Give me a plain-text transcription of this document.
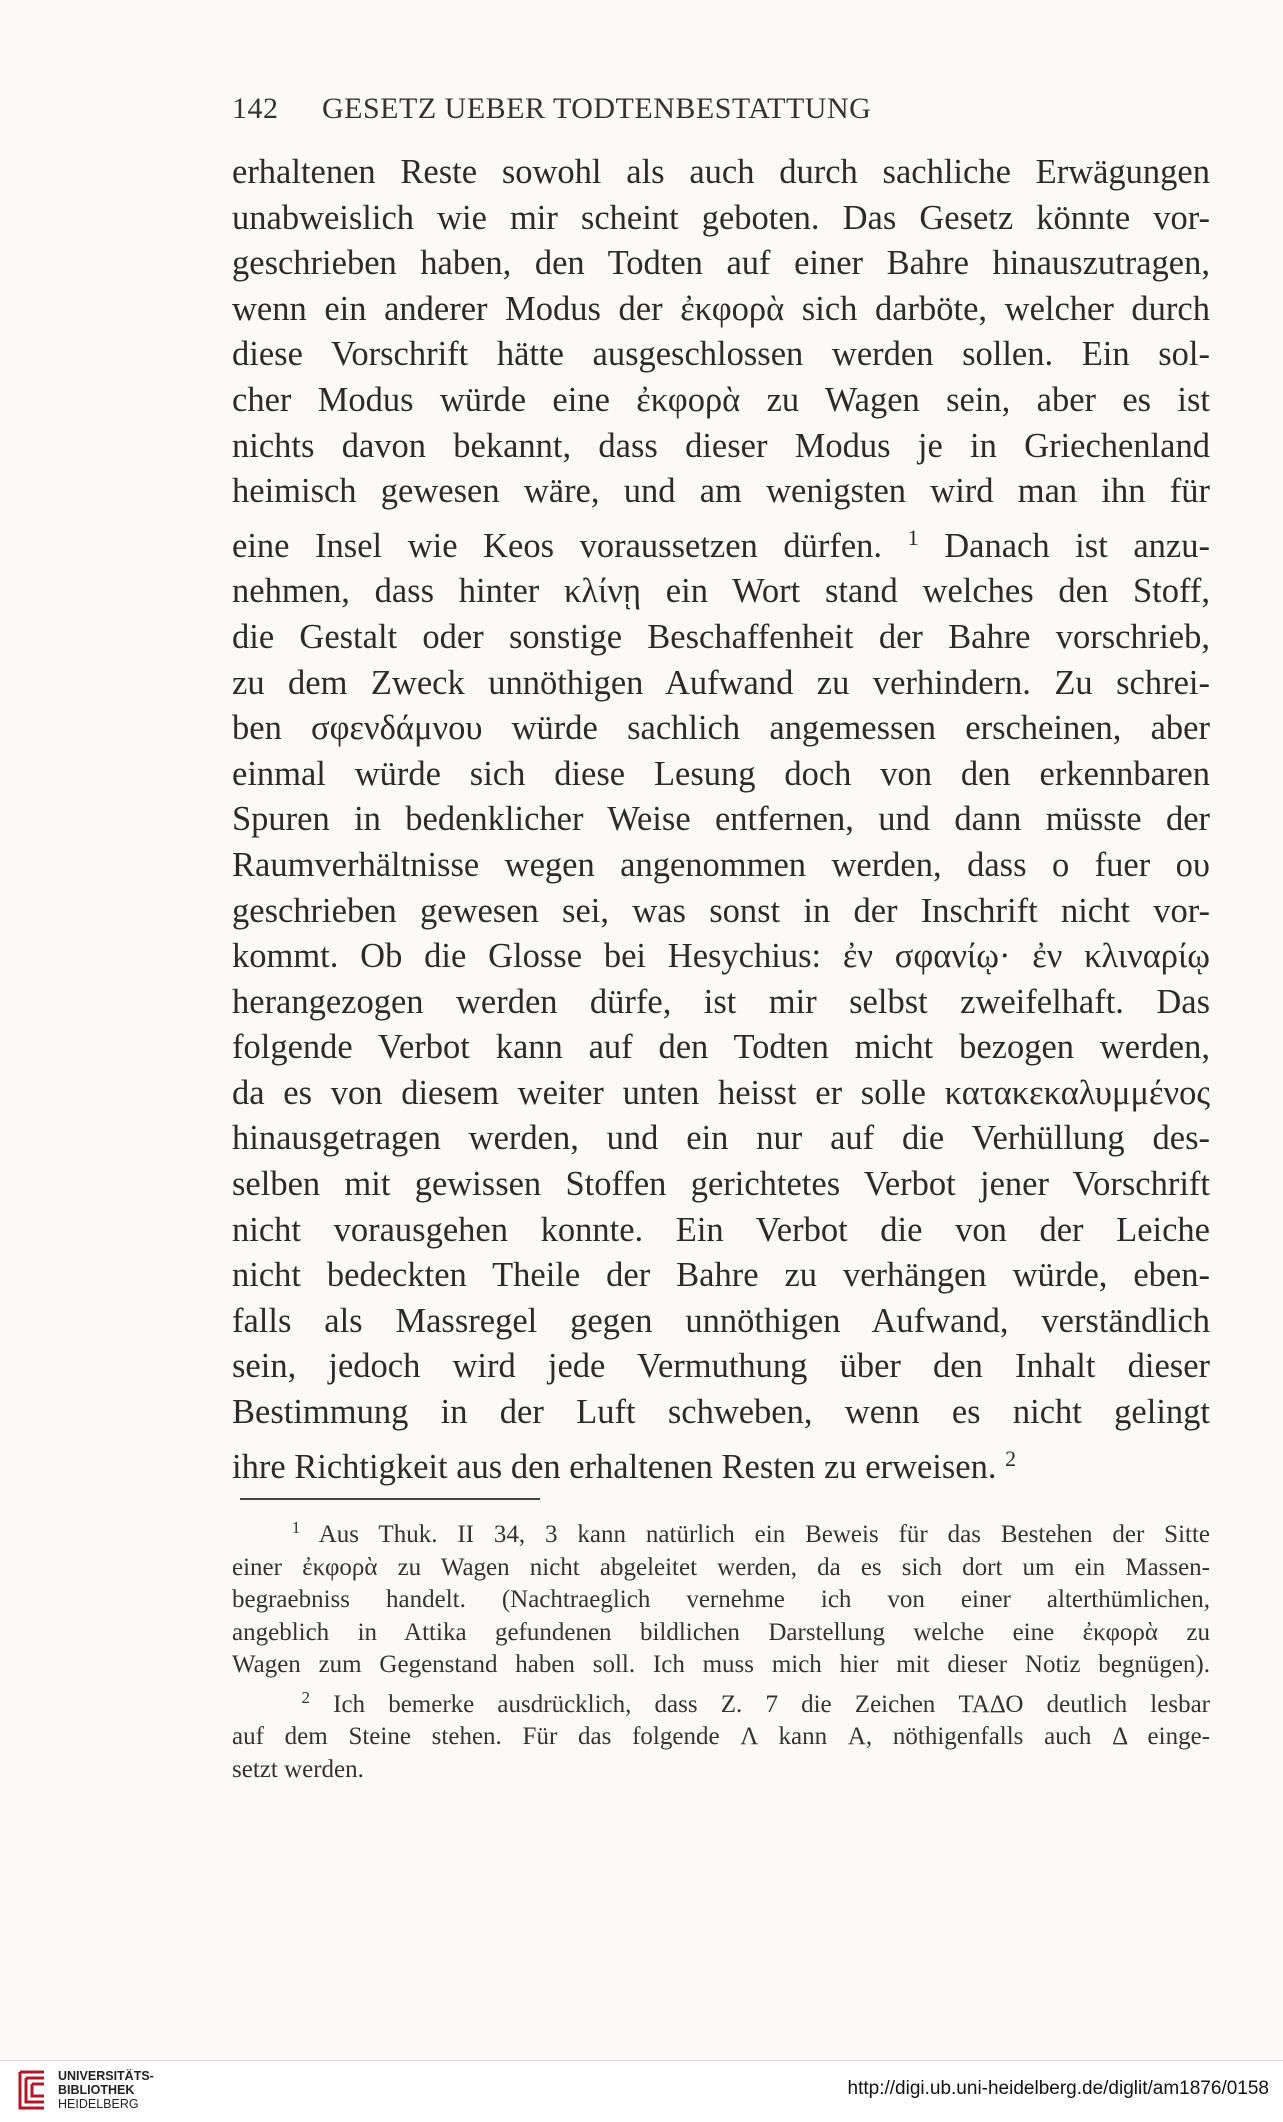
142	GESETZ UEBER TODTENBESTATTUNG
erhaltenen Reste sowohl als auch durch sachliche Erwägungen
unabweislich wie mir scheint geboten. Das Gesetz könnte vor-
geschrieben haben, den Todten auf einer Bahre hinauszutragen,
wenn ein anderer Modus der ἐκφορὰ sich darböte, welcher durch
diese Vorschrift hätte ausgeschlossen werden sollen. Ein sol-
cher Modus würde eine ἐκφορὰ zu Wagen sein, aber es ist
nichts davon bekannt, dass dieser Modus je in Griechenland
heimisch gewesen wäre, und am wenigsten wird man ihn für
eine Insel wie Keos voraussetzen dürfen. $^1$ Danach ist anzu-
nehmen, dass hinter κλίνῃ ein Wort stand welches den Stoff,
die Gestalt oder sonstige Beschaffenheit der Bahre vorschrieb,
zu dem Zweck unnöthigen Aufwand zu verhindern. Zu schrei-
ben σφενδάμνου würde sachlich angemessen erscheinen, aber
einmal würde sich diese Lesung doch von den erkennbaren
Spuren in bedenklicher Weise entfernen, und dann müsste der
Raumverhältnisse wegen angenommen werden, dass ο fuer ου
geschrieben gewesen sei, was sonst in der Inschrift nicht vor-
kommt. Ob die Glosse bei Hesychius: ἐν σφανίῳ· ἐν κλιναρίῳ
herangezogen werden dürfe, ist mir selbst zweifelhaft. Das
folgende Verbot kann auf den Todten micht bezogen werden,
da es von diesem weiter unten heisst er solle κατακεκαλυμμένος
hinausgetragen werden, und ein nur auf die Verhüllung des-
selben mit gewissen Stoffen gerichtetes Verbot jener Vorschrift
nicht vorausgehen konnte. Ein Verbot die von der Leiche
nicht bedeckten Theile der Bahre zu verhängen würde, eben-
falls als Massregel gegen unnöthigen Aufwand, verständlich
sein, jedoch wird jede Vermuthung über den Inhalt dieser
Bestimmung in der Luft schweben, wenn es nicht gelingt
ihre Richtigkeit aus den erhaltenen Resten zu erweisen. $^2$
$^1$ Aus Thuk. II 34, 3 kann natürlich ein Beweis für das Bestehen der Sitte
einer ἐκφορὰ zu Wagen nicht abgeleitet werden, da es sich dort um ein Massen-
begraebniss handelt. (Nachtraeglich vernehme ich von einer alterthümlichen,
angeblich in Attika gefundenen bildlichen Darstellung welche eine ἐκφορὰ zu
Wagen zum Gegenstand haben soll. Ich muss mich hier mit dieser Notiz begnügen).
$^2$ Ich bemerke ausdrücklich, dass Z. 7 die Zeichen ΤΑΔΟ deutlich lesbar
auf dem Steine stehen. Für das folgende Λ kann Α, nöthigenfalls auch Δ einge-
setzt werden.
UNIVERSITÄTS-
BIBLIOTHEK
HEIDELBERG
http://digi.ub.uni-heidelberg.de/diglit/am1876/0158
